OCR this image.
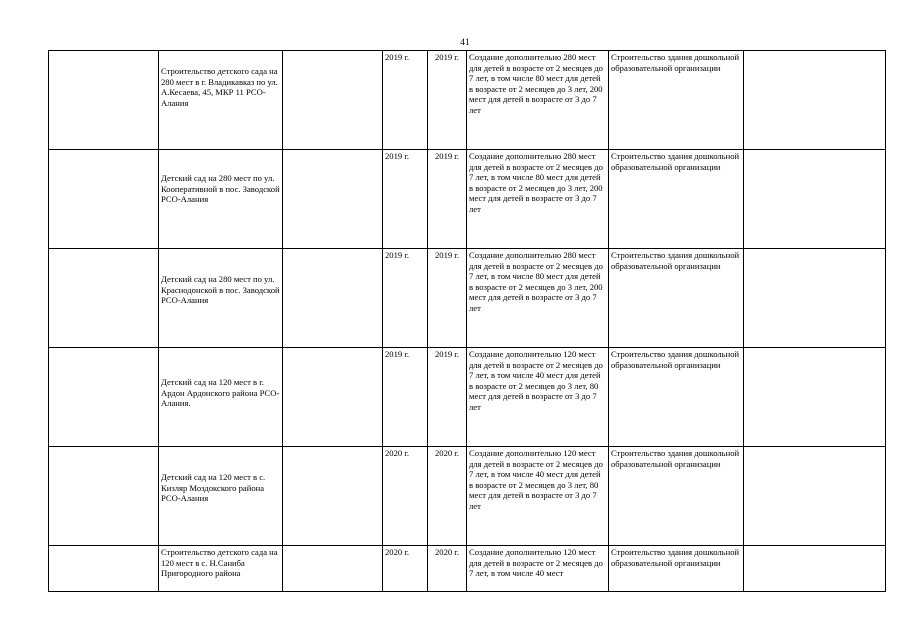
41
	Строительство детского сада на 280 мест в г. Владикавказ по ул. А.Кесаева, 45, МКР 11 РСО-Алания		2019 г.	2019 г.	Создание дополнительно 280 мест для детей в возрасте от 2 месяцев до 7 лет, в том числе 80 мест для детей в возрасте от 2 месяцев до 3 лет, 200 мест для детей в возрасте от 3 до 7 лет	Строительство здания дошкольной образовательной организации	
	Детский сад на 280 мест по ул. Кооперативной в пос. Заводской РСО-Алания		2019 г.	2019 г.	Создание дополнительно 280 мест для детей в возрасте от 2 месяцев до 7 лет, в том числе 80 мест для детей в возрасте от 2 месяцев до 3 лет, 200 мест для детей в возрасте от 3 до 7 лет	Строительство здания дошкольной образовательной организации	
	Детский сад на 280 мест по ул. Краснодонской в пос. Заводской РСО-Алания		2019 г.	2019 г.	Создание дополнительно 280 мест для детей в возрасте от 2 месяцев до 7 лет, в том числе 80 мест для детей в возрасте от 2 месяцев до 3 лет, 200 мест для детей в возрасте от 3 до 7 лет	Строительство здания дошкольной образовательной организации	
	Детский сад на 120 мест в г. Ардон Ардонского района РСО-Алания.		2019 г.	2019 г.	Создание дополнительно 120 мест для детей в возрасте от 2 месяцев до 7 лет, в том числе 40 мест для детей в возрасте от 2 месяцев до 3 лет, 80 мест для детей в возрасте от 3 до 7 лет	Строительство здания дошкольной образовательной организации	
	Детский сад на 120 мест в с. Кизляр Моздокского района РСО-Алания		2020 г.	2020 г.	Создание дополнительно 120 мест для детей в возрасте от 2 месяцев до 7 лет, в том числе 40 мест для детей в возрасте от 2 месяцев до 3 лет, 80 мест для детей в возрасте от 3 до 7 лет	Строительство здания дошкольной образовательной организации	
	Строительство детского сада на 120 мест в с. Н.Саниба Пригородного района		2020 г.	2020 г.	Создание дополнительно 120 мест для детей в возрасте от 2 месяцев до 7 лет, в том числе 40 мест	Строительство здания дошкольной образовательной организации	
